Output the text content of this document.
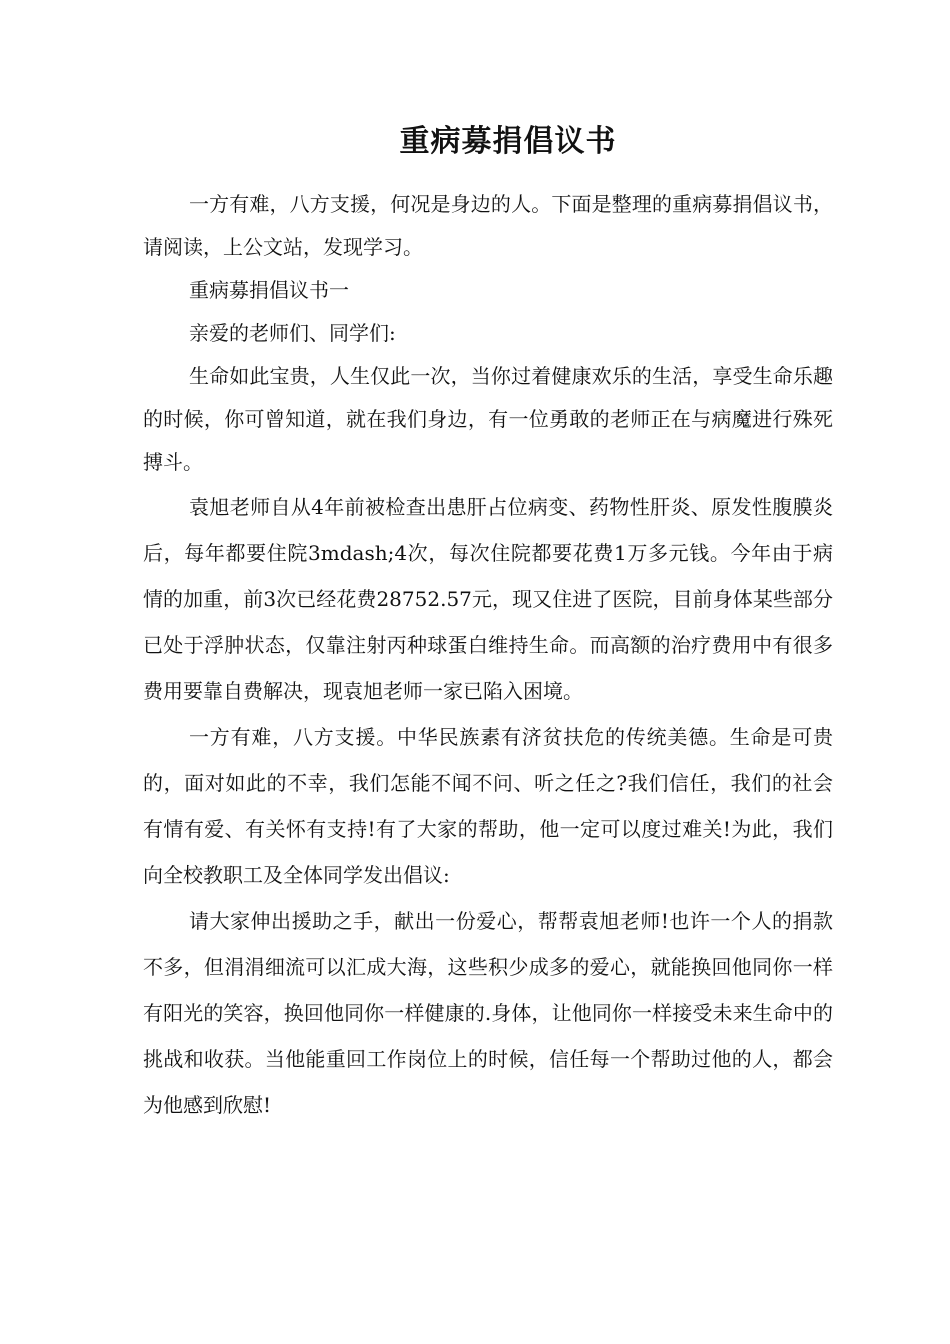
重病募捐倡议书

一方有难，八方支援，何况是身边的人。下面是整理的重病募捐倡议书，请阅读，上公文站，发现学习。

重病募捐倡议书一

亲爱的老师们、同学们:

生命如此宝贵，人生仅此一次，当你过着健康欢乐的生活，享受生命乐趣的时候，你可曾知道，就在我们身边，有一位勇敢的老师正在与病魔进行殊死搏斗。

袁旭老师自从4年前被检查出患肝占位病变、药物性肝炎、原发性腹膜炎后，每年都要住院3mdash;4次，每次住院都要花费1万多元钱。今年由于病情的加重，前3次已经花费28752.57元，现又住进了医院，目前身体某些部分已处于浮肿状态，仅靠注射丙种球蛋白维持生命。而高额的治疗费用中有很多费用要靠自费解决，现袁旭老师一家已陷入困境。

一方有难，八方支援。中华民族素有济贫扶危的传统美德。生命是可贵的，面对如此的不幸，我们怎能不闻不问、听之任之?我们信任，我们的社会有情有爱、有关怀有支持!有了大家的帮助，他一定可以度过难关!为此，我们向全校教职工及全体同学发出倡议:

请大家伸出援助之手，献出一份爱心，帮帮袁旭老师!也许一个人的捐款不多，但涓涓细流可以汇成大海，这些积少成多的爱心，就能换回他同你一样有阳光的笑容，换回他同你一样健康的.身体，让他同你一样接受未来生命中的挑战和收获。当他能重回工作岗位上的时候，信任每一个帮助过他的人，都会为他感到欣慰!
